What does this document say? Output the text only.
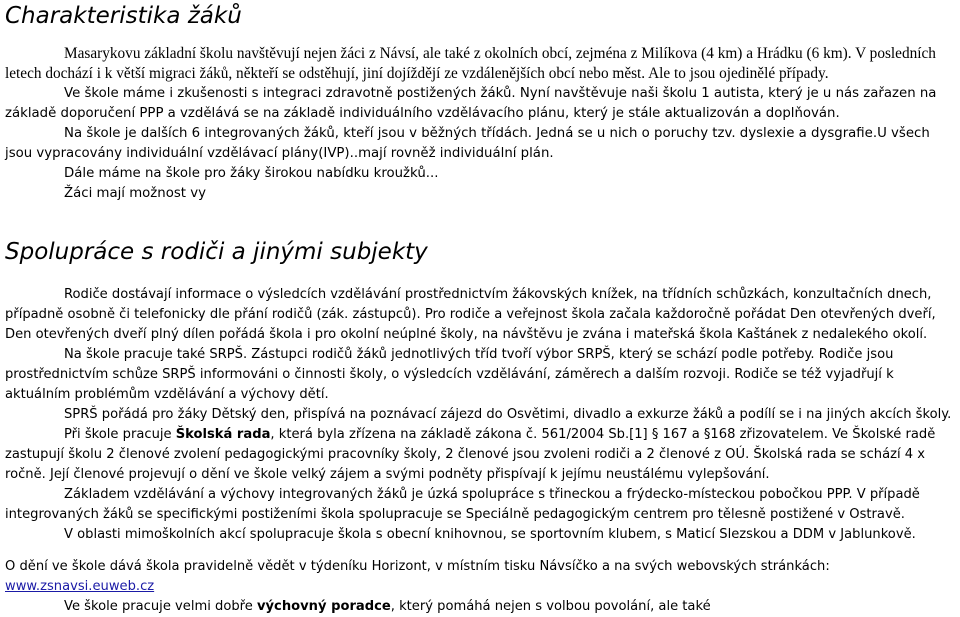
Charakteristika žáků

Masarykovu základní školu navštěvují nejen žáci z Návsí, ale také z okolních obcí, zejména z Milíkova (4 km) a Hrádku (6 km). V posledních letech dochází i k větší migraci žáků, někteří se odstěhují, jiní dojíždějí ze vzdálenějších obcí nebo měst. Ale to jsou ojedinělé případy.

Ve škole máme i zkušenosti s integraci zdravotně postižených žáků. Nyní navštěvuje naši školu 1 autista, který je u nás zařazen na základě doporučení PPP a vzdělává se na základě individuálního vzdělávacího plánu, který je stále aktualizován a doplňován.

Na škole je dalších 6 integrovaných žáků, kteří jsou v běžných třídách. Jedná se u nich o poruchy tzv. dyslexie a dysgrafie.U všech jsou vypracovány individuální vzdělávací plány(IVP)..mají rovněž individuální plán.

Dále máme na škole pro žáky širokou nabídku kroužků...

Žáci mají možnost vy

Spolupráce s rodiči a jinými subjekty

Rodiče dostávají informace o výsledcích vzdělávání prostřednictvím žákovských knížek, na třídních schůzkách, konzultačních dnech, případně osobně či telefonicky dle přání rodičů (zák. zástupců). Pro rodiče a veřejnost škola začala každoročně pořádat Den otevřených dveří, Den otevřených dveří plný dílen pořádá škola i pro okolní neúplné školy, na návštěvu je zvána i mateřská škola Kaštánek z nedalekého okolí.

Na škole pracuje také SRPŠ. Zástupci rodičů žáků jednotlivých tříd tvoří výbor SRPŠ, který se schází podle potřeby. Rodiče jsou prostřednictvím schůze SRPŠ informováni o činnosti školy, o výsledcích vzdělávání, záměrech a dalším rozvoji. Rodiče se též vyjadřují k aktuálním problémům vzdělávání a výchovy dětí.

SPRŠ pořádá pro žáky Dětský den, přispívá na poznávací zájezd do Osvětimi, divadlo a exkurze žáků a podílí se i na jiných akcích školy.

Při škole pracuje Školská rada, která byla zřízena na základě zákona č. 561/2004 Sb.[1] § 167 a §168 zřizovatelem. Ve Školské radě zastupují školu 2 členové zvolení pedagogickými pracovníky školy, 2 členové jsou zvoleni rodiči a 2 členové z OÚ. Školská rada se schází 4 x ročně. Její členové projevují o dění ve škole velký zájem a svými podněty přispívají k jejímu neustálému vylepšování.

Základem vzdělávání a výchovy integrovaných žáků je úzká spolupráce s třineckou a frýdecko-místeckou pobočkou PPP. V případě integrovaných žáků se specifickými postiženími škola spolupracuje se Speciálně pedagogickým centrem pro tělesně postižené v Ostravě.

V oblasti mimoškolních akcí spolupracuje škola s obecní knihovnou, se sportovním klubem, s Maticí Slezskou a DDM v Jablunkově.

O dění ve škole dává škola pravidelně vědět v týdeníku Horizont, v místním tisku Návsíčko a na svých webovských stránkách:

www.zsnavsi.euweb.cz

Ve škole pracuje velmi dobře výchovný poradce, který pomáhá nejen s volbou povolání, ale také
